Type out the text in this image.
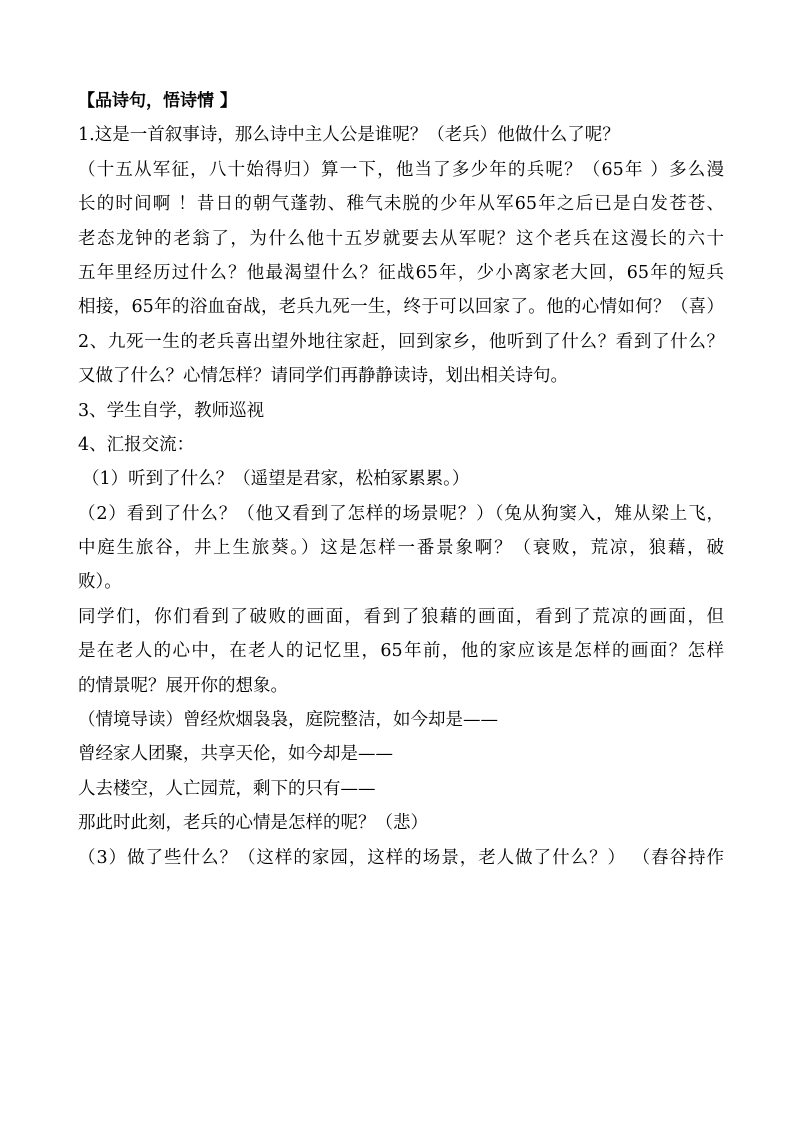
【品诗句，悟诗情 】
1.这是一首叙事诗，那么诗中主人公是谁呢？（老兵）他做什么了呢？
（十五从军征，八十始得归）算一下，他当了多少年的兵呢？（65年 ）多么漫
长的时间啊 ！昔日的朝气蓬勃、稚气未脱的少年从军65年之后已是白发苍苍、
老态龙钟的老翁了，为什么他十五岁就要去从军呢？这个老兵在这漫长的六十
五年里经历过什么？他最渴望什么？征战65年，少小离家老大回，65年的短兵
相接，65年的浴血奋战，老兵九死一生，终于可以回家了。他的心情如何？（喜）
2、九死一生的老兵喜出望外地往家赶，回到家乡，他听到了什么？看到了什么？
又做了什么？心情怎样？请同学们再静静读诗，划出相关诗句。
3、学生自学，教师巡视
4、汇报交流：
（1）听到了什么？（遥望是君家，松柏冢累累。）
（2）看到了什么？（他又看到了怎样的场景呢？）（兔从狗窦入，雉从梁上飞，
中庭生旅谷，井上生旅葵。）这是怎样一番景象啊？（衰败，荒凉，狼藉，破
败）。
同学们，你们看到了破败的画面，看到了狼藉的画面，看到了荒凉的画面，但
是在老人的心中，在老人的记忆里，65年前，他的家应该是怎样的画面？怎样
的情景呢？展开你的想象。
（情境导读）曾经炊烟袅袅，庭院整洁，如今却是——
曾经家人团聚，共享天伦，如今却是——
人去楼空，人亡园荒，剩下的只有——
那此时此刻，老兵的心情是怎样的呢？（悲）
（3）做了些什么？（这样的家园，这样的场景，老人做了什么？） （舂谷持作
